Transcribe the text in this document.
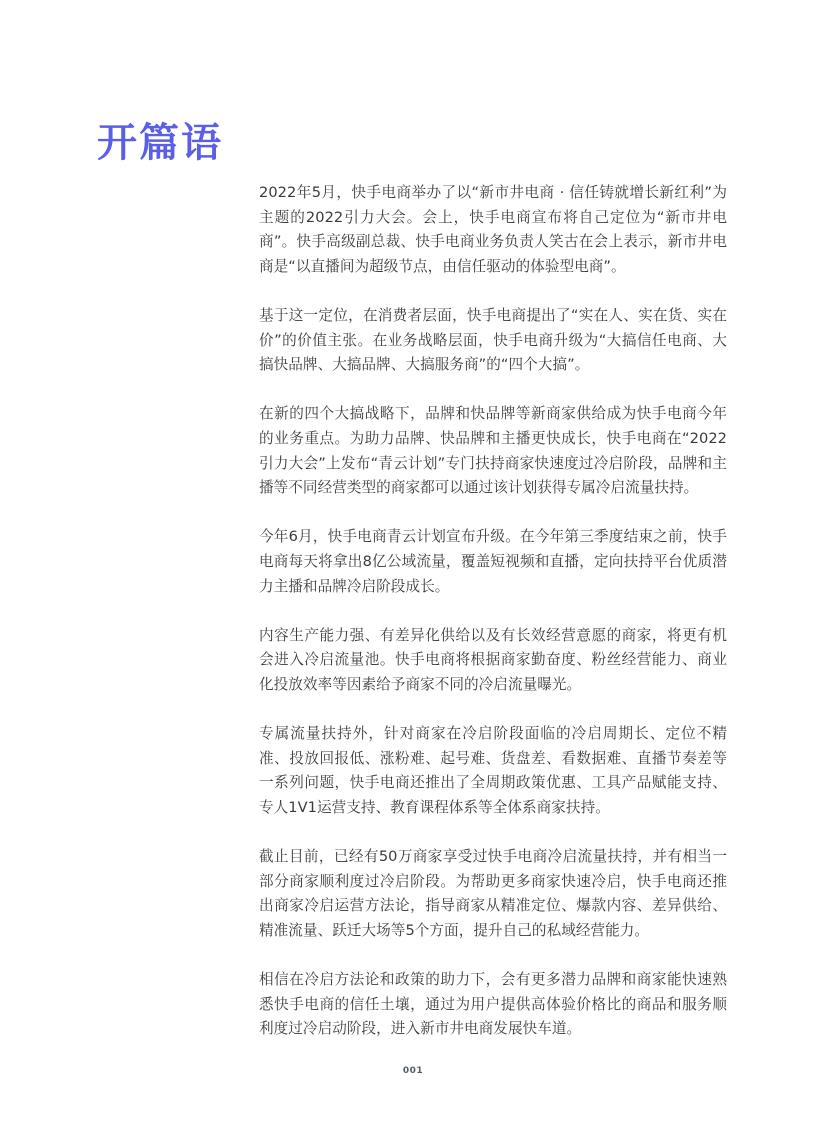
开篇语

2022年5月，快手电商举办了以“新市井电商 · 信任铸就增长新红利”为主题的2022引力大会。会上，快手电商宣布将自己定位为“新市井电商”。快手高级副总裁、快手电商业务负责人笑古在会上表示，新市井电商是“以直播间为超级节点，由信任驱动的体验型电商”。

基于这一定位，在消费者层面，快手电商提出了“实在人、实在货、实在价”的价值主张。在业务战略层面，快手电商升级为“大搞信任电商、大搞快品牌、大搞品牌、大搞服务商”的“四个大搞”。

在新的四个大搞战略下，品牌和快品牌等新商家供给成为快手电商今年的业务重点。为助力品牌、快品牌和主播更快成长，快手电商在“2022引力大会”上发布“青云计划”专门扶持商家快速度过冷启阶段，品牌和主播等不同经营类型的商家都可以通过该计划获得专属冷启流量扶持。

今年6月，快手电商青云计划宣布升级。在今年第三季度结束之前，快手电商每天将拿出8亿公域流量，覆盖短视频和直播，定向扶持平台优质潜力主播和品牌冷启阶段成长。

内容生产能力强、有差异化供给以及有长效经营意愿的商家，将更有机会进入冷启流量池。快手电商将根据商家勤奋度、粉丝经营能力、商业化投放效率等因素给予商家不同的冷启流量曝光。

专属流量扶持外，针对商家在冷启阶段面临的冷启周期长、定位不精准、投放回报低、涨粉难、起号难、货盘差、看数据难、直播节奏差等一系列问题，快手电商还推出了全周期政策优惠、工具产品赋能支持、专人1V1运营支持、教育课程体系等全体系商家扶持。

截止目前，已经有50万商家享受过快手电商冷启流量扶持，并有相当一部分商家顺利度过冷启阶段。为帮助更多商家快速冷启，快手电商还推出商家冷启运营方法论，指导商家从精准定位、爆款内容、差异供给、精准流量、跃迁大场等5个方面，提升自己的私域经营能力。

相信在冷启方法论和政策的助力下，会有更多潜力品牌和商家能快速熟悉快手电商的信任土壤，通过为用户提供高体验价格比的商品和服务顺利度过冷启动阶段，进入新市井电商发展快车道。

001
